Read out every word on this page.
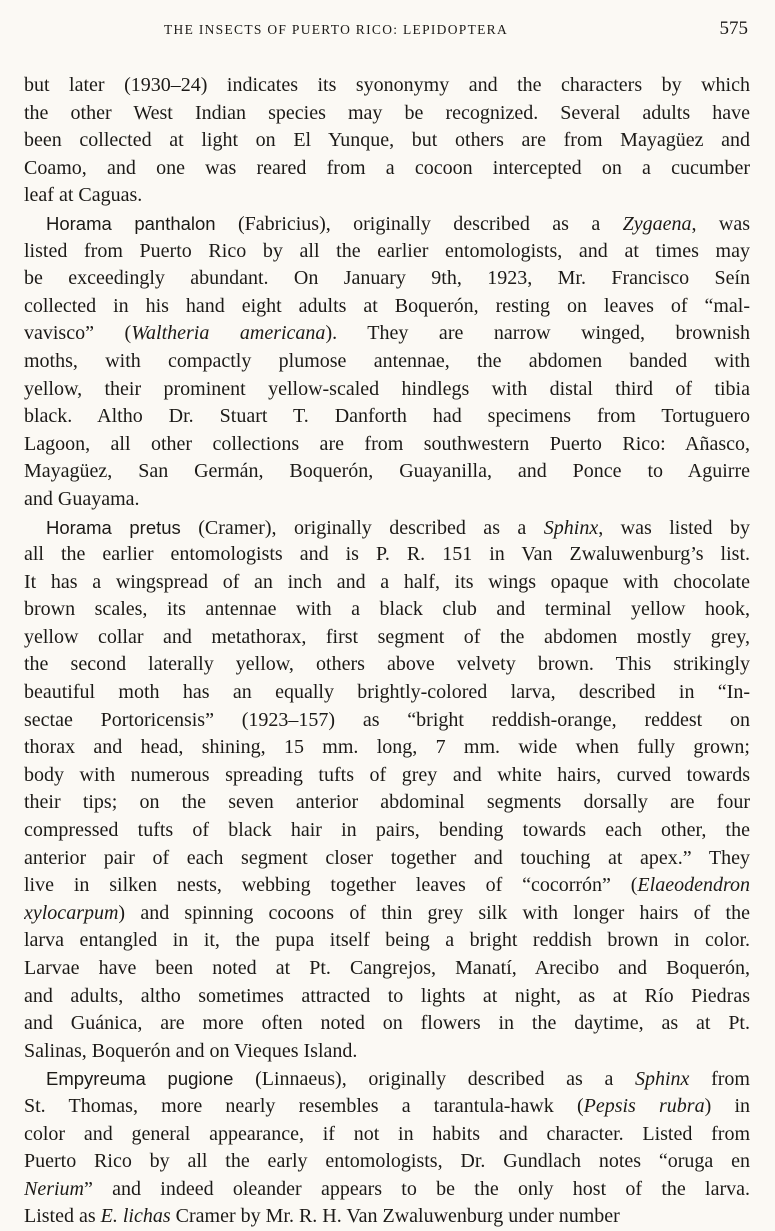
THE INSECTS OF PUERTO RICO: LEPIDOPTERA	575
but later (1930–24) indicates its syononymy and the characters by which
the other West Indian species may be recognized. Several adults have
been collected at light on El Yunque, but others are from Mayagüez and
Coamo, and one was reared from a cocoon intercepted on a cucumber
leaf at Caguas.
Horama panthalon (Fabricius), originally described as a Zygaena, was
listed from Puerto Rico by all the earlier entomologists, and at times may
be exceedingly abundant. On January 9th, 1923, Mr. Francisco Seín
collected in his hand eight adults at Boquerón, resting on leaves of “mal-
vavisco” (Waltheria americana). They are narrow winged, brownish
moths, with compactly plumose antennae, the abdomen banded with
yellow, their prominent yellow-scaled hindlegs with distal third of tibia
black. Altho Dr. Stuart T. Danforth had specimens from Tortuguero
Lagoon, all other collections are from southwestern Puerto Rico: Añasco,
Mayagüez, San Germán, Boquerón, Guayanilla, and Ponce to Aguirre
and Guayama.
Horama pretus (Cramer), originally described as a Sphinx, was listed by
all the earlier entomologists and is P. R. 151 in Van Zwaluwenburg’s list.
It has a wingspread of an inch and a half, its wings opaque with chocolate
brown scales, its antennae with a black club and terminal yellow hook,
yellow collar and metathorax, first segment of the abdomen mostly grey,
the second laterally yellow, others above velvety brown. This strikingly
beautiful moth has an equally brightly-colored larva, described in “In-
sectae Portoricensis” (1923–157) as “bright reddish-orange, reddest on
thorax and head, shining, 15 mm. long, 7 mm. wide when fully grown;
body with numerous spreading tufts of grey and white hairs, curved towards
their tips; on the seven anterior abdominal segments dorsally are four
compressed tufts of black hair in pairs, bending towards each other, the
anterior pair of each segment closer together and touching at apex.” They
live in silken nests, webbing together leaves of “cocorrón” (Elaeodendron
xylocarpum) and spinning cocoons of thin grey silk with longer hairs of the
larva entangled in it, the pupa itself being a bright reddish brown in color.
Larvae have been noted at Pt. Cangrejos, Manatí, Arecibo and Boquerón,
and adults, altho sometimes attracted to lights at night, as at Río Piedras
and Guánica, are more often noted on flowers in the daytime, as at Pt.
Salinas, Boquerón and on Vieques Island.
Empyreuma pugione (Linnaeus), originally described as a Sphinx from
St. Thomas, more nearly resembles a tarantula-hawk (Pepsis rubra) in
color and general appearance, if not in habits and character. Listed from
Puerto Rico by all the early entomologists, Dr. Gundlach notes “oruga en
Nerium” and indeed oleander appears to be the only host of the larva.
Listed as E. lichas Cramer by Mr. R. H. Van Zwaluwenburg under number
